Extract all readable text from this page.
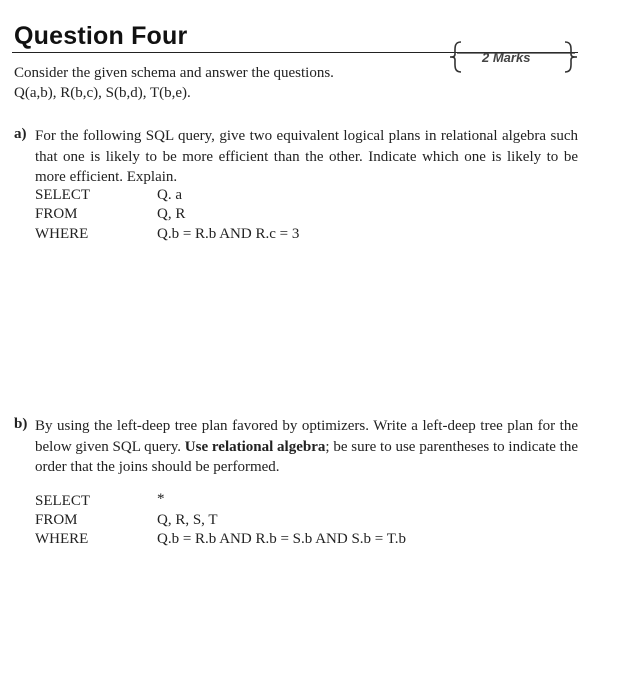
Question Four
2 Marks
Consider the given schema and answer the questions.
Q(a,b), R(b,c), S(b,d), T(b,e).
a) For the following SQL query, give two equivalent logical plans in relational algebra such that one is likely to be more efficient than the other. Indicate which one is likely to be more efficient. Explain.
SELECT	Q. a
FROM	Q, R
WHERE	Q.b = R.b AND R.c = 3
b) By using the left-deep tree plan favored by optimizers. Write a left-deep tree plan for the below given SQL query. Use relational algebra; be sure to use parentheses to indicate the order that the joins should be performed.
SELECT	*
FROM	Q, R, S, T
WHERE	Q.b = R.b AND R.b = S.b AND S.b = T.b
